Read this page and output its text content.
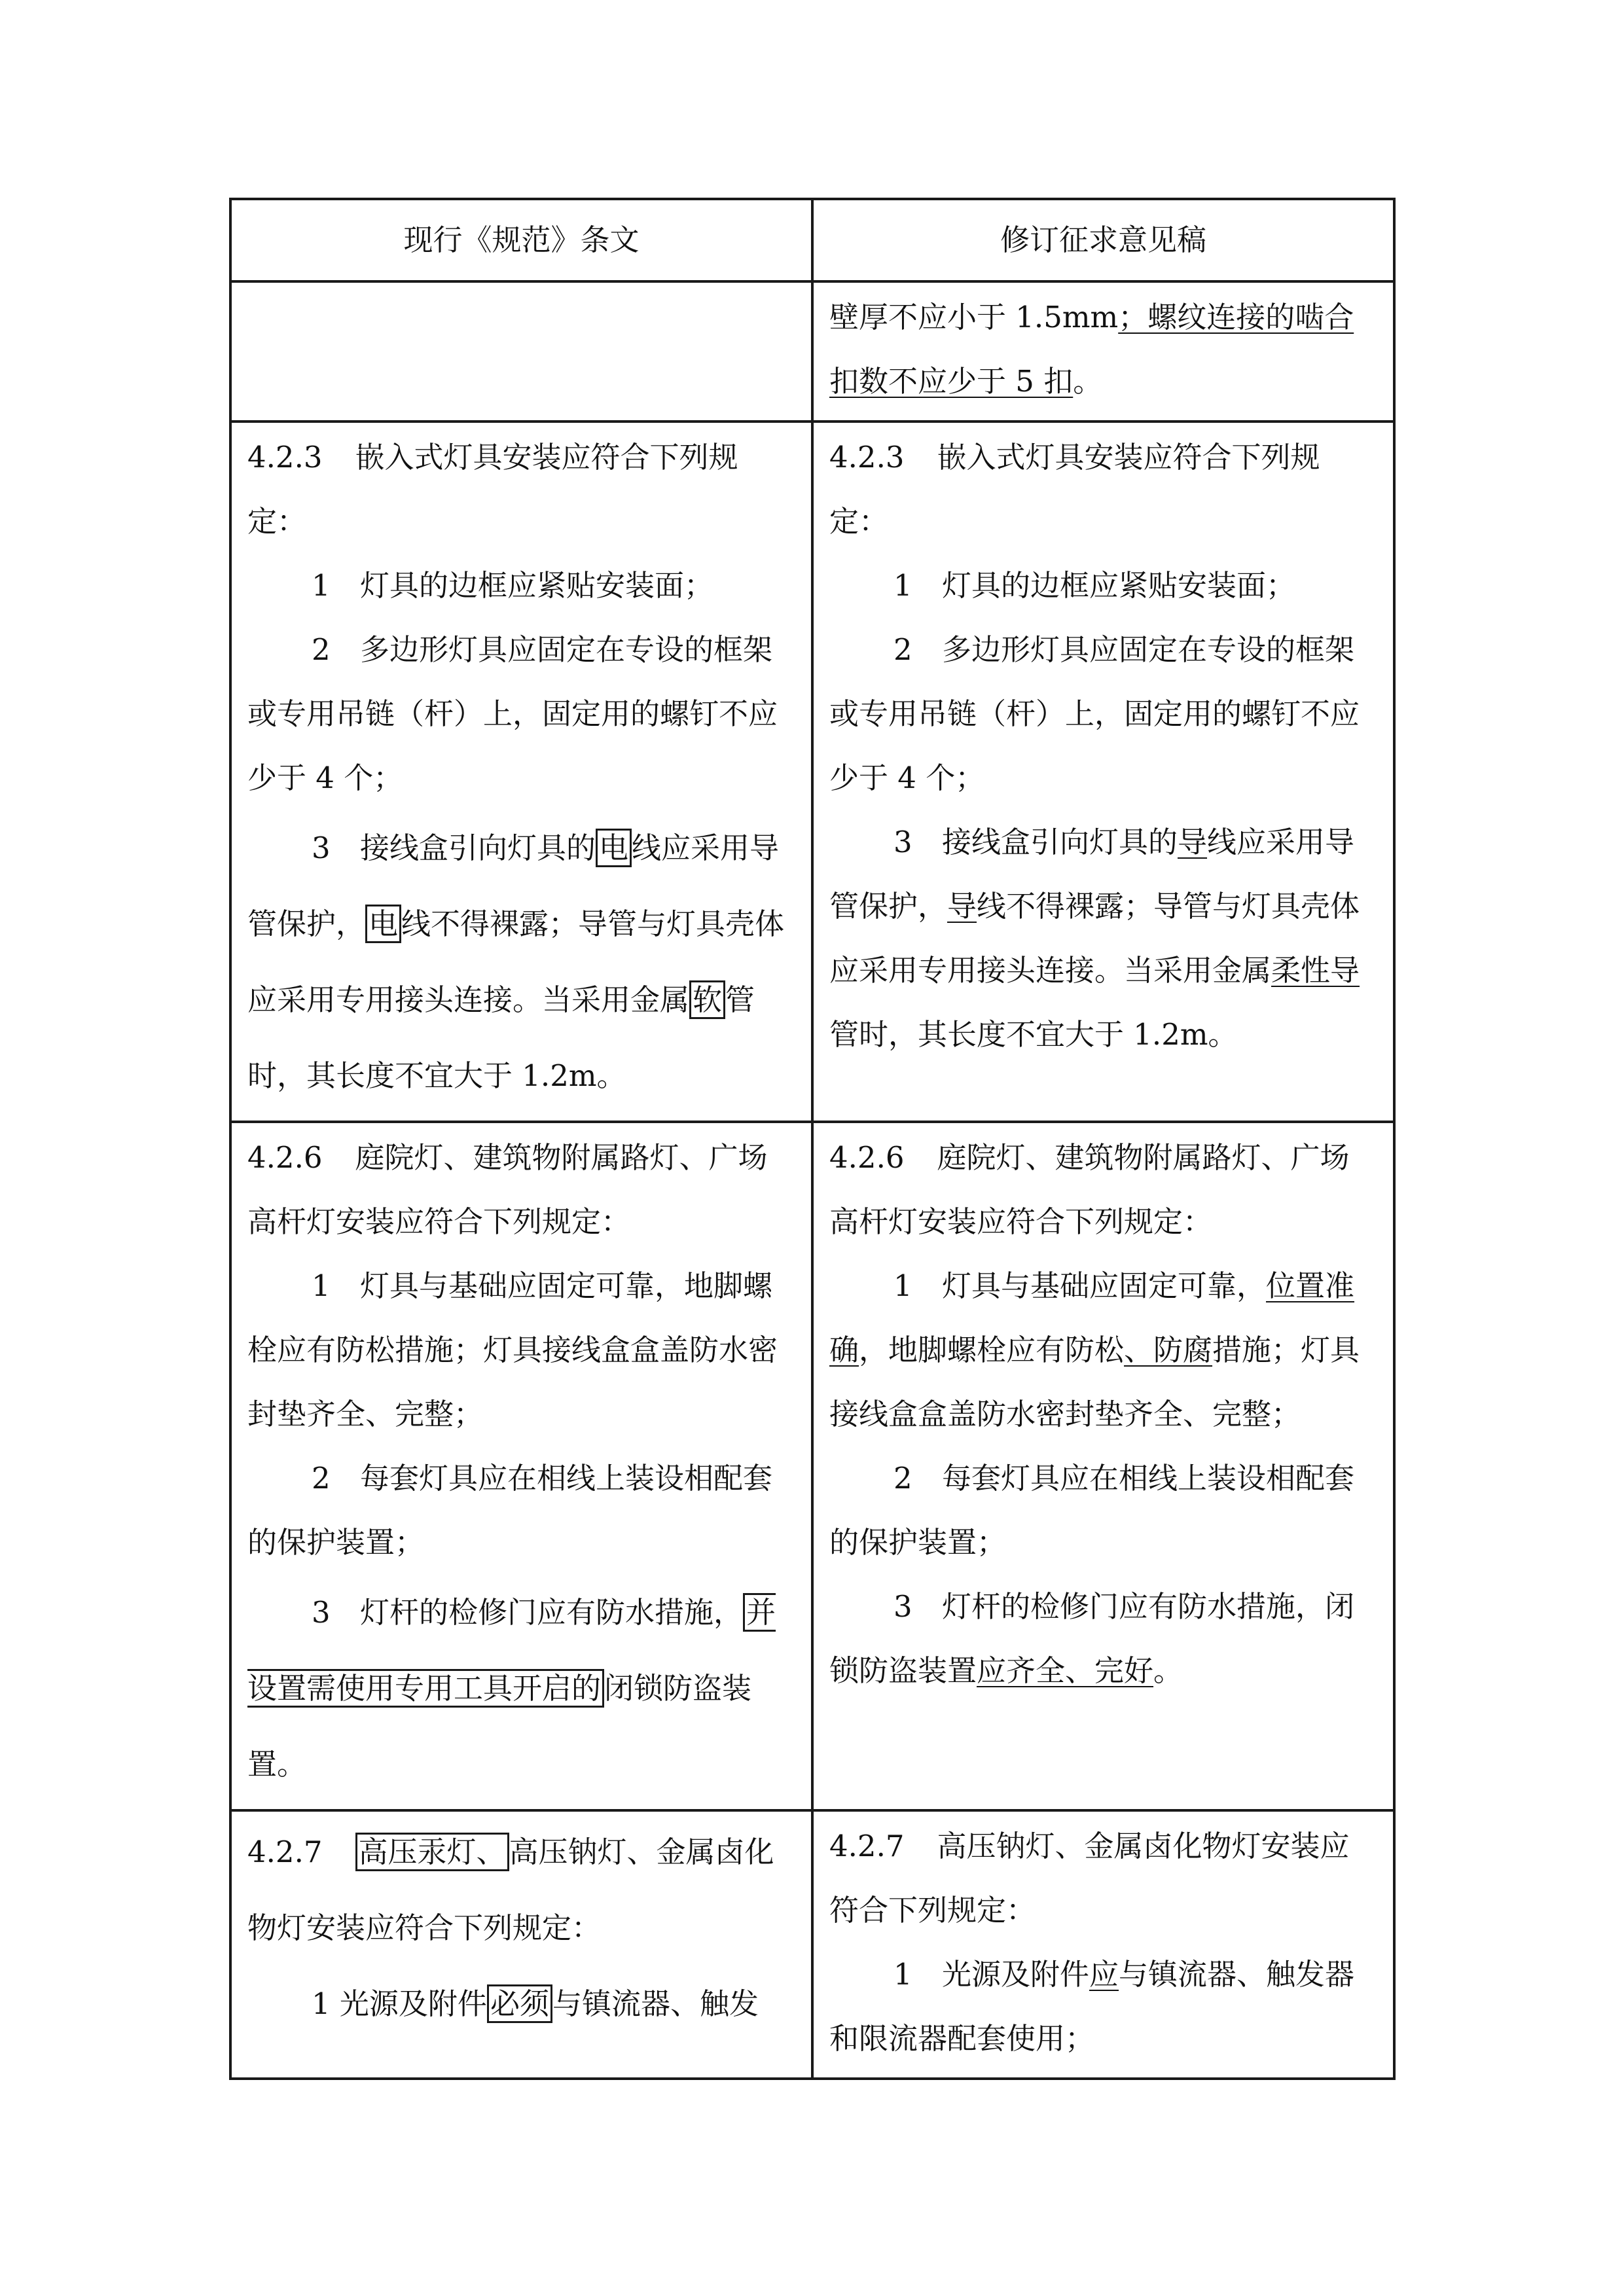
现行《规范》条文	修订征求意见稿
	壁厚不应小于 1.5mm；螺纹连接的啮合扣数不应少于 5 扣。

4.2.3 嵌入式灯具安装应符合下列规定：
1 灯具的边框应紧贴安装面；
2 多边形灯具应固定在专设的框架或专用吊链（杆）上，固定用的螺钉不应少于 4 个；
3 接线盒引向灯具的 电 线应采用导管保护， 电 线不得裸露；导管与灯具壳体应采用专用接头连接。当采用金属 软 管时，其长度不宜大于 1.2m。	4.2.3 嵌入式灯具安装应符合下列规定：
1 灯具的边框应紧贴安装面；
2 多边形灯具应固定在专设的框架或专用吊链（杆）上，固定用的螺钉不应少于 4 个；
3 接线盒引向灯具的导线应采用导管保护，导线不得裸露；导管与灯具壳体应采用专用接头连接。当采用金属柔性导管时，其长度不宜大于 1.2m。

4.2.6 庭院灯、建筑物附属路灯、广场高杆灯安装应符合下列规定：
1 灯具与基础应固定可靠，地脚螺栓应有防松措施；灯具接线盒盒盖防水密封垫齐全、完整；
2 每套灯具应在相线上装设相配套的保护装置；
3 灯杆的检修门应有防水措施， 并设置需使用专用工具开启的 闭锁防盗装置。	4.2.6 庭院灯、建筑物附属路灯、广场高杆灯安装应符合下列规定：
1 灯具与基础应固定可靠，位置准确，地脚螺栓应有防松、防腐措施；灯具接线盒盒盖防水密封垫齐全、完整；
2 每套灯具应在相线上装设相配套的保护装置；
3 灯杆的检修门应有防水措施，闭锁防盗装置应齐全、完好。

4.2.7 高压汞灯、 高压钠灯、金属卤化物灯安装应符合下列规定：
1 光源及附件 必须 与镇流器、触发	4.2.7 高压钠灯、金属卤化物灯安装应符合下列规定：
1 光源及附件应与镇流器、触发器和限流器配套使用；
